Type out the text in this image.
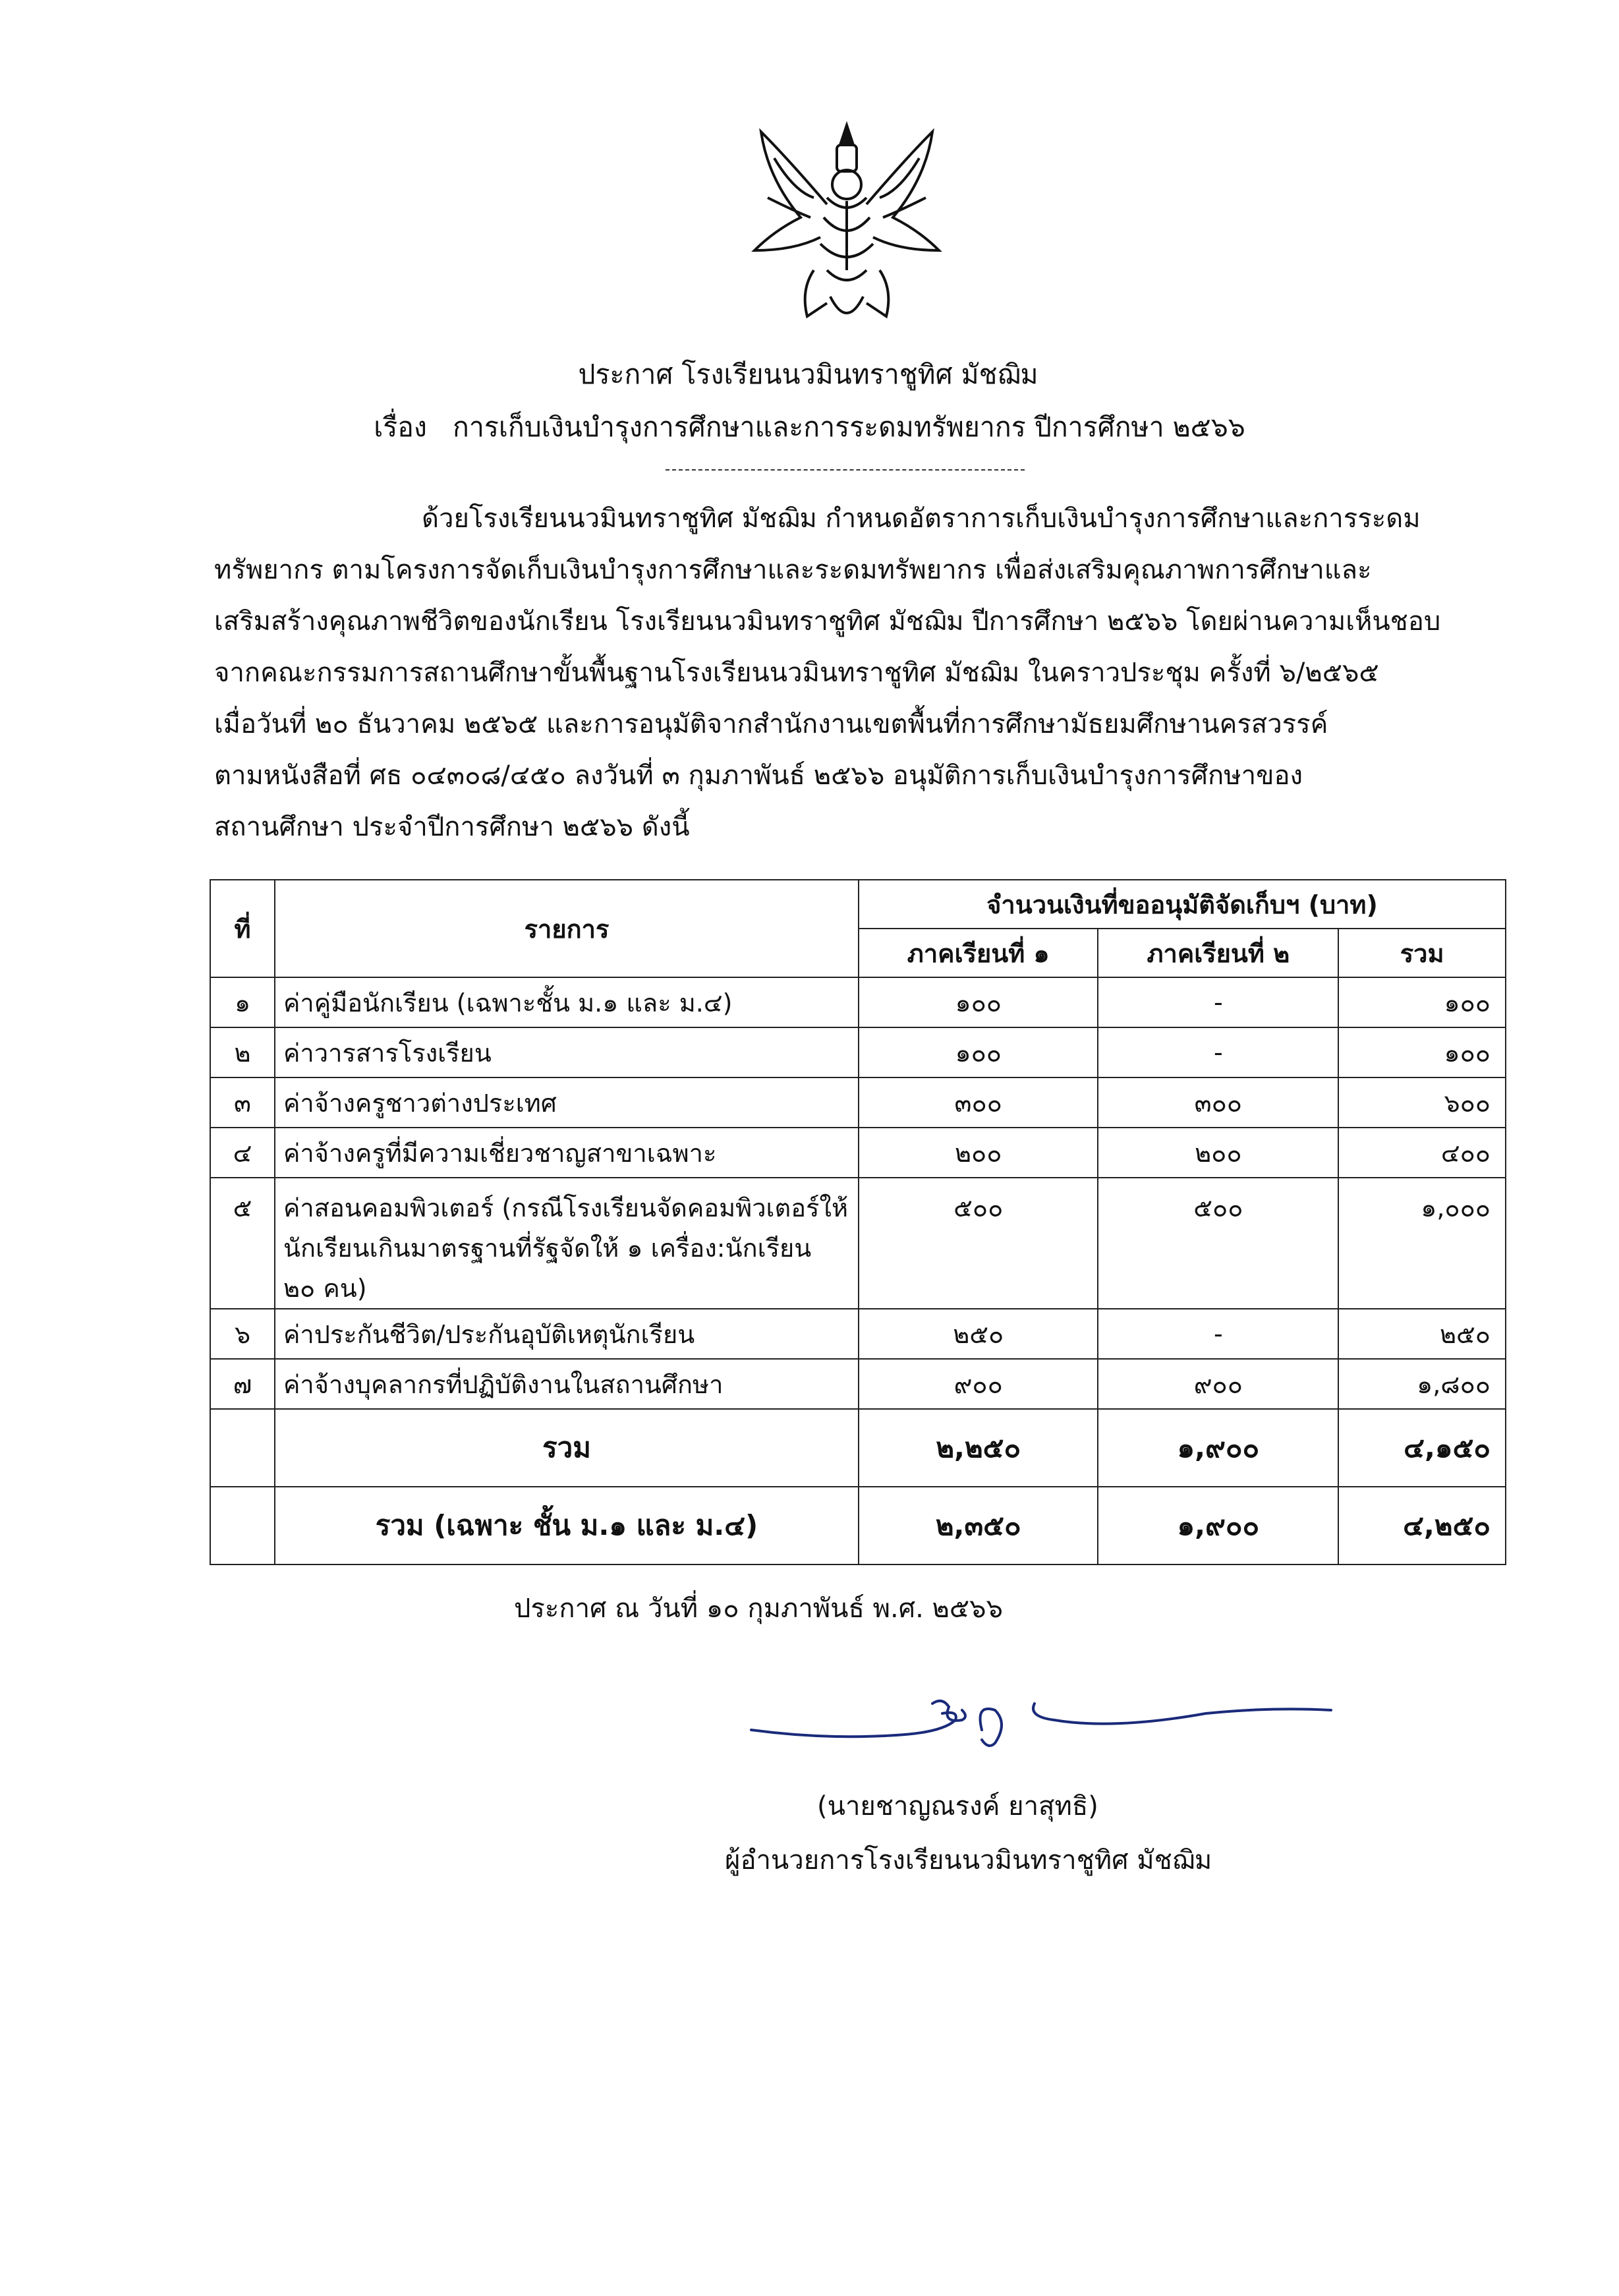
ประกาศ โรงเรียนนวมินทราชูทิศ มัชฌิม
เรื่อง การเก็บเงินบำรุงการศึกษาและการระดมทรัพยากร ปีการศึกษา ๒๕๖๖

ด้วยโรงเรียนนวมินทราชูทิศ มัชฌิม กำหนดอัตราการเก็บเงินบำรุงการศึกษาและการระดม

ทรัพยากร ตามโครงการจัดเก็บเงินบำรุงการศึกษาและระดมทรัพยากร เพื่อส่งเสริมคุณภาพการศึกษาและ

เสริมสร้างคุณภาพชีวิตของนักเรียน โรงเรียนนวมินทราชูทิศ มัชฌิม ปีการศึกษา ๒๕๖๖ โดยผ่านความเห็นชอบ

จากคณะกรรมการสถานศึกษาขั้นพื้นฐานโรงเรียนนวมินทราชูทิศ มัชฌิม ในคราวประชุม ครั้งที่ ๖/๒๕๖๕

เมื่อวันที่ ๒๐ ธันวาคม ๒๕๖๕ และการอนุมัติจากสำนักงานเขตพื้นที่การศึกษามัธยมศึกษานครสวรรค์

ตามหนังสือที่ ศธ ๐๔๓๐๘/๔๕๐ ลงวันที่ ๓ กุมภาพันธ์ ๒๕๖๖ อนุมัติการเก็บเงินบำรุงการศึกษาของ

สถานศึกษา ประจำปีการศึกษา ๒๕๖๖ ดังนี้

ที่	รายการ	จำนวนเงินที่ขออนุมัติจัดเก็บฯ (บาท)		
		ภาคเรียนที่ ๑	ภาคเรียนที่ ๒	รวม
๑	ค่าคู่มือนักเรียน (เฉพาะชั้น ม.๑ และ ม.๔)	๑๐๐	-	๑๐๐
๒	ค่าวารสารโรงเรียน	๑๐๐	-	๑๐๐
๓	ค่าจ้างครูชาวต่างประเทศ	๓๐๐	๓๐๐	๖๐๐
๔	ค่าจ้างครูที่มีความเชี่ยวชาญสาขาเฉพาะ	๒๐๐	๒๐๐	๔๐๐
๕	ค่าสอนคอมพิวเตอร์ (กรณีโรงเรียนจัดคอมพิวเตอร์ให้
นักเรียนเกินมาตรฐานที่รัฐจัดให้ ๑ เครื่อง:นักเรียน ๒๐ คน)	๕๐๐	๕๐๐	๑,๐๐๐
๖	ค่าประกันชีวิต/ประกันอุบัติเหตุนักเรียน	๒๕๐	-	๒๕๐
๗	ค่าจ้างบุคลากรที่ปฏิบัติงานในสถานศึกษา	๙๐๐	๙๐๐	๑,๘๐๐
	รวม	๒,๒๕๐	๑,๙๐๐	๔,๑๕๐
	รวม (เฉพาะ ชั้น ม.๑ และ ม.๔)	๒,๓๕๐	๑,๙๐๐	๔,๒๕๐
ประกาศ ณ วันที่ ๑๐ กุมภาพันธ์ พ.ศ. ๒๕๖๖
(นายชาญณรงค์ ยาสุทธิ)
ผู้อำนวยการโรงเรียนนวมินทราชูทิศ มัชฌิม
